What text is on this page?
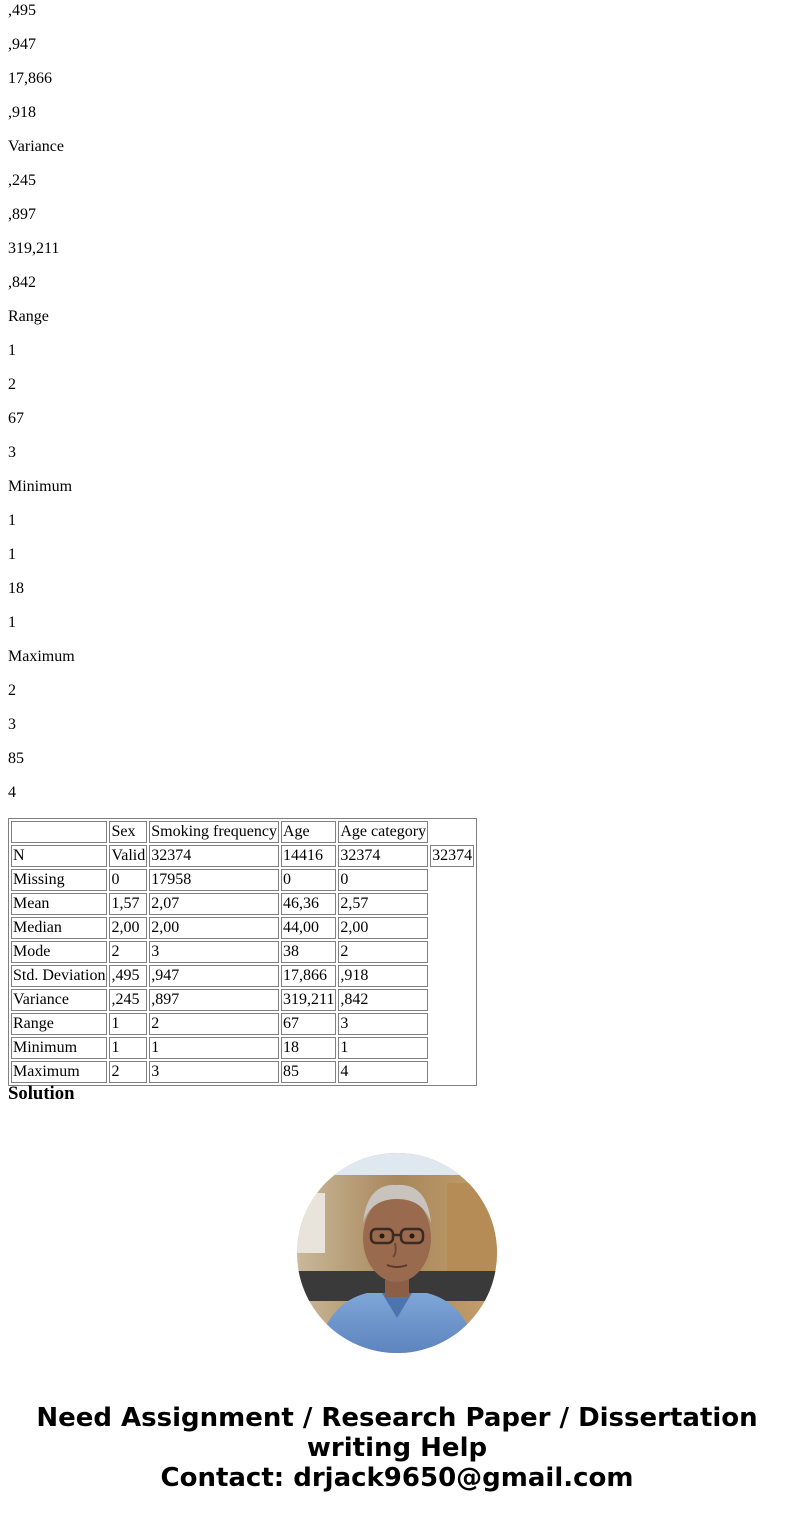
,495

,947

17,866

,918

Variance

,245

,897

319,211

,842

Range

1

2

67

3

Minimum

1

1

18

1

Maximum

2

3

85

4

	Sex	Smoking frequency	Age	Age category	
N	Valid	32374	14416	32374	32374
Missing	0	17958	0	0	
Mean	1,57	2,07	46,36	2,57	
Median	2,00	2,00	44,00	2,00	
Mode	2	3	38	2	
Std. Deviation	,495	,947	17,866	,918	
Variance	,245	,897	319,211	,842	
Range	1	2	67	3	
Minimum	1	1	18	1	
Maximum	2	3	85	4	
Solution

Need Assignment / Research Paper / Dissertation
writing Help
Contact: drjack9650@gmail.com
